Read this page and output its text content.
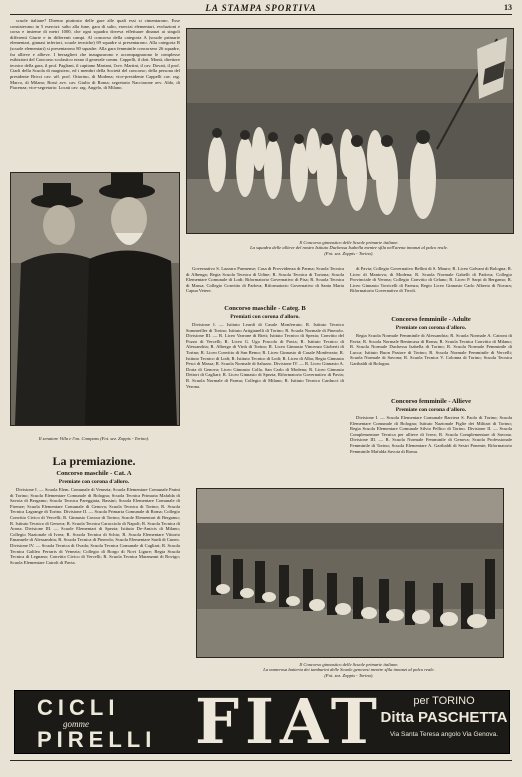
LA STAMPA SPORTIVA	13

scuole italiane? Diremo piuttosto delle gare alle quali essi si cimentarono. Esse consistevano in 5 esercizi: salto alla fune, gara di salto, esercizi elementari, evoluzioni e corsa e insieme di metri 1000, che ogni squadra doveva effettuare dinanzi ai singoli differenti Giurie e in differenti campi. Al concorso della categoria A (scuole primarie elementari, ginnasi inferiori, scuole tecniche) 69 squadre si presentarono. Alla categoria B (scuole elementari) si presentarono 80 squadre. Alla gara femminile concorsero 26 squadre, fra allieve e allieve. I bersaglieri che inaugurarono e accompagnarono le complesse esibizioni del Concorso scolastico erano il generale comm. Cappelli, il dott. Monti, direttore tecnico della gara, il prof. Pagliani, il capitano Mariani, l'avv. Martini, il cav. Dovati, il prof. Ciarli della Scuola di magistero, ed i membri della Società del concorso; della persona del presidente Bricci cav. uff. prof. Ottorino, di Modena; vice-presidente Cappelli cav. rag. Marco, di Milano; Rossi avv. cav. Giulio di Roma; segretario Nacciarone avv. Aldo, di Piacenza; vice-segretario: Locati cav. rag. Angelo, di Milano.

Il Concorso ginnastico delle Scuole primarie italiane.
La squadra delle allieve del nostro Istituto Duchessa Isabella mentre sfila nell'arena innanzi al palco reale.
(Fot. sez. Zoppis - Torino).
Il senatore Villa e l'on. Compans (Fot. sez. Zoppis - Torino).
La premiazione.
Concorso maschile - Cat. A
Premiate con corona d'alloro.

Divisione I. — Scuola Elem. Comunale di Venezia; Scuola Elementare Comunale Parini di Torino; Scuola Elementare Comunale di Bologna; Scuola Tecnica Primaria Mafalda di Savoia di Bergamo; Scuola Tecnica Pareggiata, Bassini; Scuola Elementare Comunale di Firenze; Scuola Elementare Comunale di Genova; Scuola Tecnica di Torino; R. Scuola Tecnica Lagrange di Torino. Divisione II. — Scuola Primaria Comunale di Roma; Collegio Convitto Civico di Vercelli; R. Ginnasio Cavour di Torino; Scuole Elementari di Bergamo; R. Istituto Tecnico di Genova; R. Scuola Tecnica Caracciolo di Napoli; R. Scuola Tecnica di Arona. Divisione III. — Scuole Elementari di Spezia; Istituto De-Amicis di Milano; Collegio Nazionale di Ivrea; R. Scuola Tecnica di Schio; R. Scuola Elementare Vittorio Emanuele di Alessandria; R. Scuola Tecnica di Pinerolo; Scuola Elementare Sardi di Cuneo. Divisione IV. — Scuola Tecnica di Ovada; Scuola Tecnica Comunale di Cagliari; R. Scuola Tecnica Galileo Ferraris di Venezia; Collegio di Borgo di Novi Ligure; Regia Scuola Tecnica di Legnano; Convitto Civico di Vercelli; R. Scuola Tecnica Maranzani di Rovigo; Scuola Elementare Cairoli di Pavia.

Governativo S. Lazzaro Parmense; Casa di Provvidenza di Parma; Scuola Tecnica di Albenga; Regia Scuola Tecnica di Udine; R. Scuola Tecnica di Tortona; Scuola Elementare Comunale di Lodi; Riformatorio Governativo di Pisa; R. Scuola Tecnica di Massa; Collegio Convitto di Padova; Riformatorio Governativo di Santa Maria Capua Vetere.

Concorso maschile - Categ. B
Premiati con corona d'alloro.

Divisione I. — Istituto Leardi di Casale Monferrato; R. Istituto Tecnico Sommeiller di Torino; Istituto Artigianelli di Torino; R. Scuola Normale di Pinerolo. Divisione III. — R. Liceo Varrone di Rieti; Istituto Tecnico di Spezia; Convitto del Pozzo di Vercelli; R. Liceo G. Ugo Foscolo di Pavia; R. Istituto Tecnico di Alessandria; R. Albergo di Virtù di Torino; R. Liceo Ginnasio Vincenzo Gioberti di Torino; R. Liceo Convitto di San Remo; R. Liceo Ginnasio di Casale Monferrato; R. Istituto Tecnico di Lodi; R. Istituto Tecnico di Lodi; R. Liceo di Alba; Regio Ginnasio Pesci di Massa; R. Scuola Normale di Saluzzo. Divisione IV. — R. Liceo Ginnasio A. Doria di Genova; Liceo Ginnasio Colla, San Carlo di Modena; R. Liceo Ginnasio Dettori di Cagliari; R. Liceo Ginnasio di Spezia; Riformatorio Governativo di Pavia; R. Scuola Normale di Parma; Collegio di Milano; R. Istituto Tecnico Carducci di Verona.

di Pavia; Collegio Governativo Bellini di S. Mauro; R. Liceo Galvani di Bologna; R. Liceo di Mantova; di Modena; R. Scuola Normale Gabelli di Padova; Collegio Provinciale di Verona; Collegio Convitto di Celano; R. Liceo P. Sarpi di Bergamo; R. Liceo Ginnasio Torricelli di Faenza; Regio Liceo Ginnasio Carlo Alberto di Novara; Riformatorio Governativo di Tivoli.

Concorso femminile - Adulte
Premiate con corona d'alloro.

Regia Scuola Normale Femminile di Alessandria; R. Scuola Normale A. Caironi di Pavia; R. Scuola Normale Benincasa di Roma; R. Scuola Tecnica Convitto di Milano; R. Scuola Normale Duchessa Isabella di Torino; R. Scuola Normale Femminile di Lucca; Istituto Buon Pastore di Torino; R. Scuola Normale Femminile di Vercelli; Scuola Normale di Savona; R. Scuola Tecnica V. Colonna di Torino; Scuola Tecnica Garibaldi di Bologna.

Concorso femminile - Allieve
Premiate con corona d'alloro.

Divisione I. — Scuola Elementare Comunale Barriera S. Paolo di Torino; Scuola Elementare Comunale di Bologna; Istituto Nazionale Figlie dei Militari di Torino; Regia Scuola Elementare Comunale Silvio Pellico di Torino. Divisione II. — Scuola Complementare Tecnica per allieve di Ivrea; R. Scuola Complementare di Savona. Divisione III. — R. Scuola Normale Femminile di Genova; Scuola Professionale Femminile di Torino; Scuola Elementare A. Garibaldi di Sestri Ponente; Riformatorio Femminile Mafalda Savoia di Roma.

Il Concorso ginnastico delle Scuole primarie italiane.
La numerosa batteria dei tamburini delle Scuole genovesi mentre sfila innanzi al palco reale.
(Fot. sez. Zoppis - Torino).
CICLI
gomme
PIRELLI FIAT	per TORINO
Ditta PASCHETTA
Via Santa Teresa angolo Via Genova.
